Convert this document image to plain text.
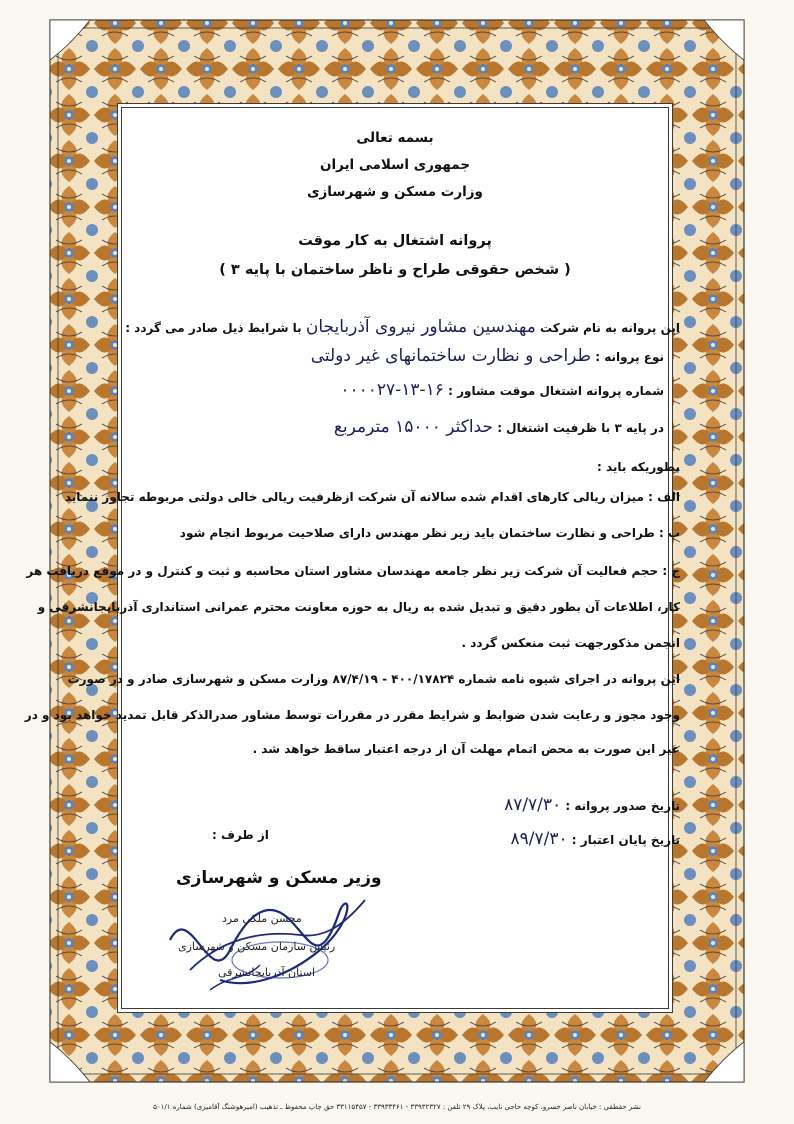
بسمه تعالی
جمهوری اسلامی ایران
وزارت مسکن و شهرسازی
پروانه اشتغال به کار موقت
( شخص حقوقی طراح و ناظر ساختمان با پایه ۳ )
این پروانه به نام شرکت مهندسین مشاور نیروی آذربایجان با شرایط ذیل صادر می گردد :
نوع پروانه : طراحی و نظارت ساختمانهای غیر دولتی
شماره پروانه اشتغال موقت مشاور : ۱۶-۱۳-۰۰۰۰۲۷
در پایه ۳ با ظرفیت اشتغال : حداکثر ۱۵۰۰۰ مترمربع
بطوریکه باید :
الف : میزان ریالی کارهای اقدام شده سالانه آن شرکت ازظرفیت ریالی خالی دولتی مربوطه تجاوز ننماید
ب : طراحی و نظارت ساختمان باید زیر نظر مهندس دارای صلاحیت مربوط انجام شود
ج : حجم فعالیت آن شرکت زیر نظر جامعه مهندسان مشاور استان محاسبه و ثبت و کنترل و در موقع دریافت هر
کار، اطلاعات آن بطور دقیق و تبدیل شده به ریال به حوزه معاونت محترم عمرانی استانداری آذربایجانشرقی و
انجمن مذکورجهت ثبت منعکس گردد .
این پروانه در اجرای شیوه نامه شماره ۴۰۰/۱۷۸۲۴ - ۸۷/۴/۱۹ وزارت مسکن و شهرسازی صادر و در صورت
وجود مجوز و رعایت شدن ضوابط و شرایط مقرر در مقررات توسط مشاور صدرالذکر قابل تمدید خواهد بود و در
غیر این صورت به محض اتمام مهلت آن از درجه اعتبار ساقط خواهد شد .
تاریخ صدور پروانه : ۸۷/۷/۳۰
تاریخ پایان اعتبار : ۸۹/۷/۳۰
از طرف :
وزیر مسکن و شهرسازی
محسن ملکی مرد
رئیس سازمان مسکن و شهرسازی
استان آذربایجانشرقی
نشر حقطقی : خیابان ناصر خسرو، کوچه حاجی نایب، پلاک ۲۹ تلفن : ۳۳۹۳۲۳۲۷ - ۳۳۹۳۳۴۶۱ - ۳۳۱۱۵۴۵۷ حق چاپ محفوظ ـ تذهیب (امیرهوشنگ آقامیری) شماره ۵۰۱/۱
